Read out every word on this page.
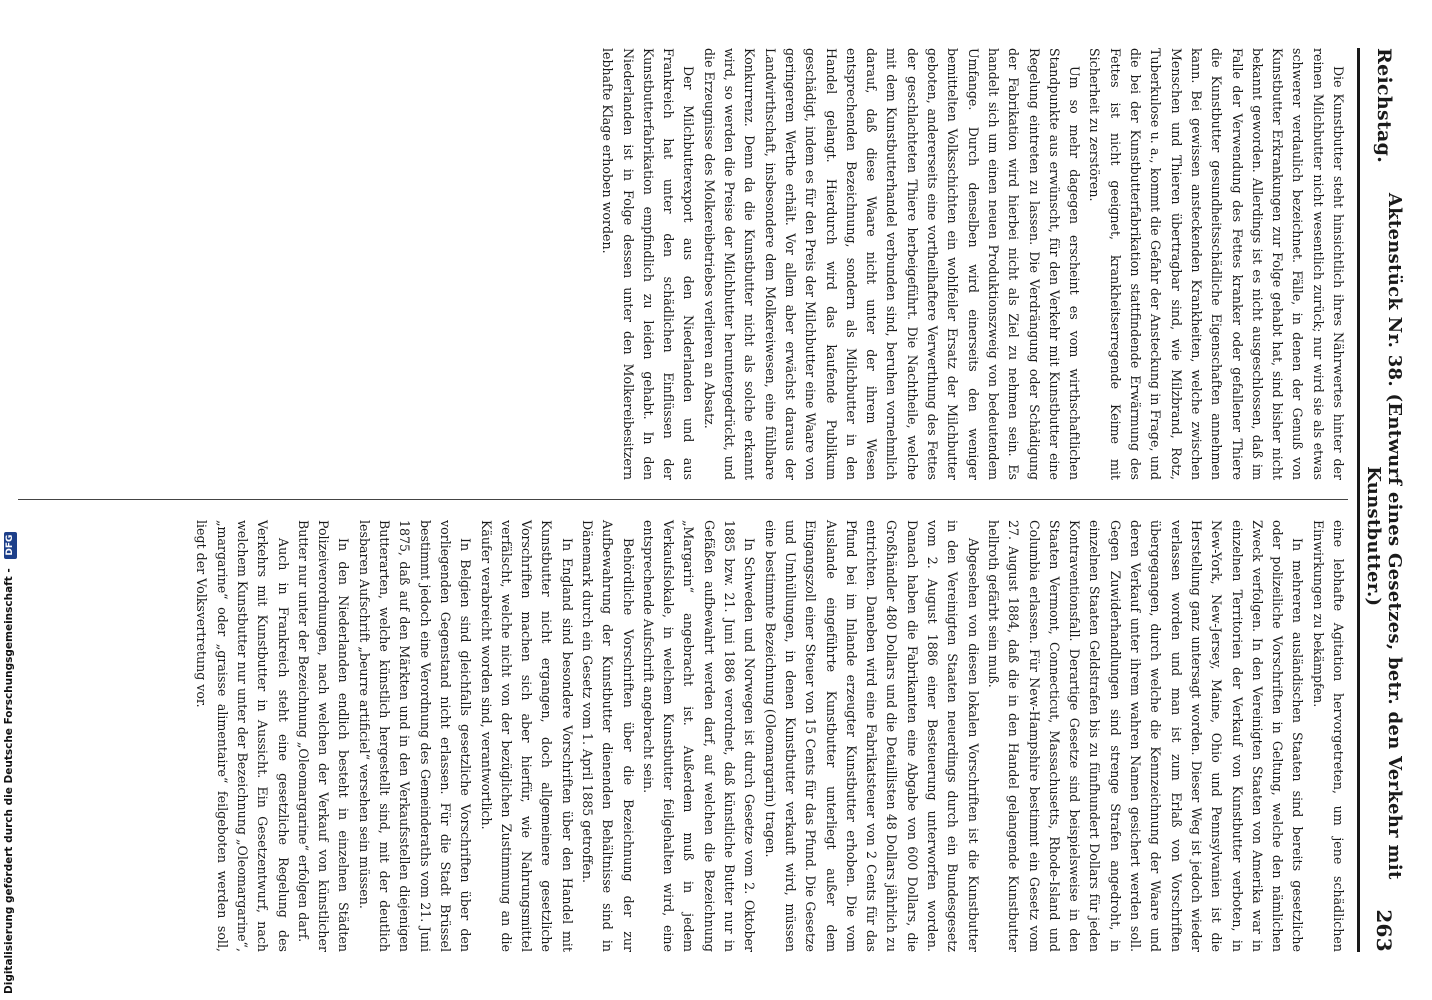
Reichstag.
Aktenstück Nr. 38. (Entwurf eines Gesetzes, betr. den Verkehr mit Kunstbutter.)
263

Die Kunstbutter steht hinsichtlich ihres Nährwertes hinter der reinen Milchbutter nicht wesentlich zurück; nur wird sie als etwas schwerer verdaulich bezeichnet. Fälle, in denen der Genuß von Kunstbutter Erkrankungen zur Folge gehabt hat, sind bisher nicht bekannt geworden. Allerdings ist es nicht ausgeschlossen, daß im Falle der Verwendung des Fettes kranker oder gefallener Thiere die Kunstbutter gesundheitsschädliche Eigenschaften annehmen kann. Bei gewissen ansteckenden Krankheiten, welche zwischen Menschen und Thieren übertragbar sind, wie Milzbrand, Rotz, Tuberkulose u. a., kommt die Gefahr der Ansteckung in Frage, und die bei der Kunstbutterfabrikation stattfindende Erwärmung des Fettes ist nicht geeignet, krankheitserregende Keime mit Sicherheit zu zerstören.

Um so mehr dagegen erscheint es vom wirthschaftlichen Standpunkte aus erwünscht, für den Verkehr mit Kunstbutter eine Regelung eintreten zu lassen. Die Verdrängung oder Schädigung der Fabrikation wird hierbei nicht als Ziel zu nehmen sein. Es handelt sich um einen neuen Produktionszweig von bedeutendem Umfange. Durch denselben wird einerseits den weniger bemittelten Volksschichten ein wohlfeiler Ersatz der Milchbutter geboten, andererseits eine vortheilhaftere Verwerthung des Fettes der geschlachteten Thiere herbeigeführt. Die Nachtheile, welche mit dem Kunstbutterhandel verbunden sind, beruhen vornehmlich darauf, daß diese Waare nicht unter der ihrem Wesen entsprechenden Bezeichnung, sondern als Milchbutter in den Handel gelangt. Hierdurch wird das kaufende Publikum geschädigt, indem es für den Preis der Milchbutter eine Waare von geringerem Werthe erhält. Vor allem aber erwächst daraus der Landwirthschaft, insbesondere dem Molkereiwesen, eine fühlbare Konkurrenz. Denn da die Kunstbutter nicht als solche erkannt wird, so werden die Preise der Milchbutter heruntergedrückt, und die Erzeugnisse des Molkereibetriebes verlieren an Absatz.

Der Milchbutterexport aus den Niederlanden und aus Frankreich hat unter den schädlichen Einflüssen der Kunstbutterfabrikation empfindlich zu leiden gehabt. In den Niederlanden ist in Folge dessen unter den Molkereibesitzern lebhafte Klage erhoben worden.

eine lebhafte Agitation hervorgetreten, um jene schädlichen Einwirkungen zu bekämpfen.

In mehreren ausländischen Staaten sind bereits gesetzliche oder polizeiliche Vorschriften in Geltung, welche den nämlichen Zweck verfolgen. In den Vereinigten Staaten von Amerika war in einzelnen Territorien der Verkauf von Kunstbutter verboten, in New-York, New-Jersey, Maine, Ohio und Pennsylvanien ist die Herstellung ganz untersagt worden. Dieser Weg ist jedoch wieder verlassen worden und man ist zum Erlaß von Vorschriften übergegangen, durch welche die Kennzeichnung der Waare und deren Verkauf unter ihrem wahren Namen gesichert werden soll. Gegen Zuwiderhandlungen sind strenge Strafen angedroht, in einzelnen Staaten Geldstrafen bis zu fünfhundert Dollars für jeden Kontraventionsfall. Derartige Gesetze sind beispielsweise in den Staaten Vermont, Connecticut, Massachusetts, Rhode-Island und Columbia erlassen. Für New-Hampshire bestimmt ein Gesetz vom 27. August 1884, daß die in den Handel gelangende Kunstbutter hellroth gefärbt sein muß.

Abgesehen von diesen lokalen Vorschriften ist die Kunstbutter in den Vereinigten Staaten neuerdings durch ein Bundesgesetz vom 2. August 1886 einer Besteuerung unterworfen worden. Danach haben die Fabrikanten eine Abgabe von 600 Dollars, die Großhändler 480 Dollars und die Detaillisten 48 Dollars jährlich zu entrichten. Daneben wird eine Fabrikatsteuer von 2 Cents für das Pfund bei im Inlande erzeugter Kunstbutter erhoben. Die vom Auslande eingeführte Kunstbutter unterliegt außer dem Eingangszoll einer Steuer von 15 Cents für das Pfund. Die Gesetze und Umhüllungen, in denen Kunstbutter verkauft wird, müssen eine bestimmte Bezeichnung (Oleomargarin) tragen.

In Schweden und Norwegen ist durch Gesetze vom 2. Oktober 1885 bzw. 21. Juni 1886 verordnet, daß künstliche Butter nur in Gefäßen aufbewahrt werden darf, auf welchen die Bezeichnung „Margarin“ angebracht ist. Außerdem muß in jedem Verkaufslokale, in welchem Kunstbutter feilgehalten wird, eine entsprechende Aufschrift angebracht sein.

Behördliche Vorschriften über die Bezeichnung der zur Aufbewahrung der Kunstbutter dienenden Behältnisse sind in Dänemark durch ein Gesetz vom 1. April 1885 getroffen.

In England sind besondere Vorschriften über den Handel mit Kunstbutter nicht ergangen, doch allgemeinere gesetzliche Vorschriften machen sich aber hierfür, wie Nahrungsmittel verfälscht, welche nicht von der bezüglichen Zustimmung an die Käufer verabreicht worden sind, verantwortlich.

In Belgien sind gleichfalls gesetzliche Vorschriften über den vorliegenden Gegenstand nicht erlassen. Für die Stadt Brüssel bestimmt jedoch eine Verordnung des Gemeinderaths vom 21. Juni 1875, daß auf den Märkten und in den Verkaufsstellen diejenigen Butterarten, welche künstlich hergestellt sind, mit der deutlich lesbaren Aufschrift „beurre artificiel“ versehen sein müssen.

In den Niederlanden endlich besteht in einzelnen Städten Polizeiverordnungen, nach welchen der Verkauf von künstlicher Butter nur unter der Bezeichnung „Oleomargarine“ erfolgen darf.

Auch in Frankreich steht eine gesetzliche Regelung des Verkehrs mit Kunstbutter in Aussicht. Ein Gesetzentwurf, nach welchem Kunstbutter nur unter der Bezeichnung „Oleomargarine“, „margarine“ oder „graisse alimentaire“ feilgeboten werden soll, liegt der Volksvertretung vor.

Digitalisierung gefördert durch die Deutsche Forschungsgemeinschaft - DFG
